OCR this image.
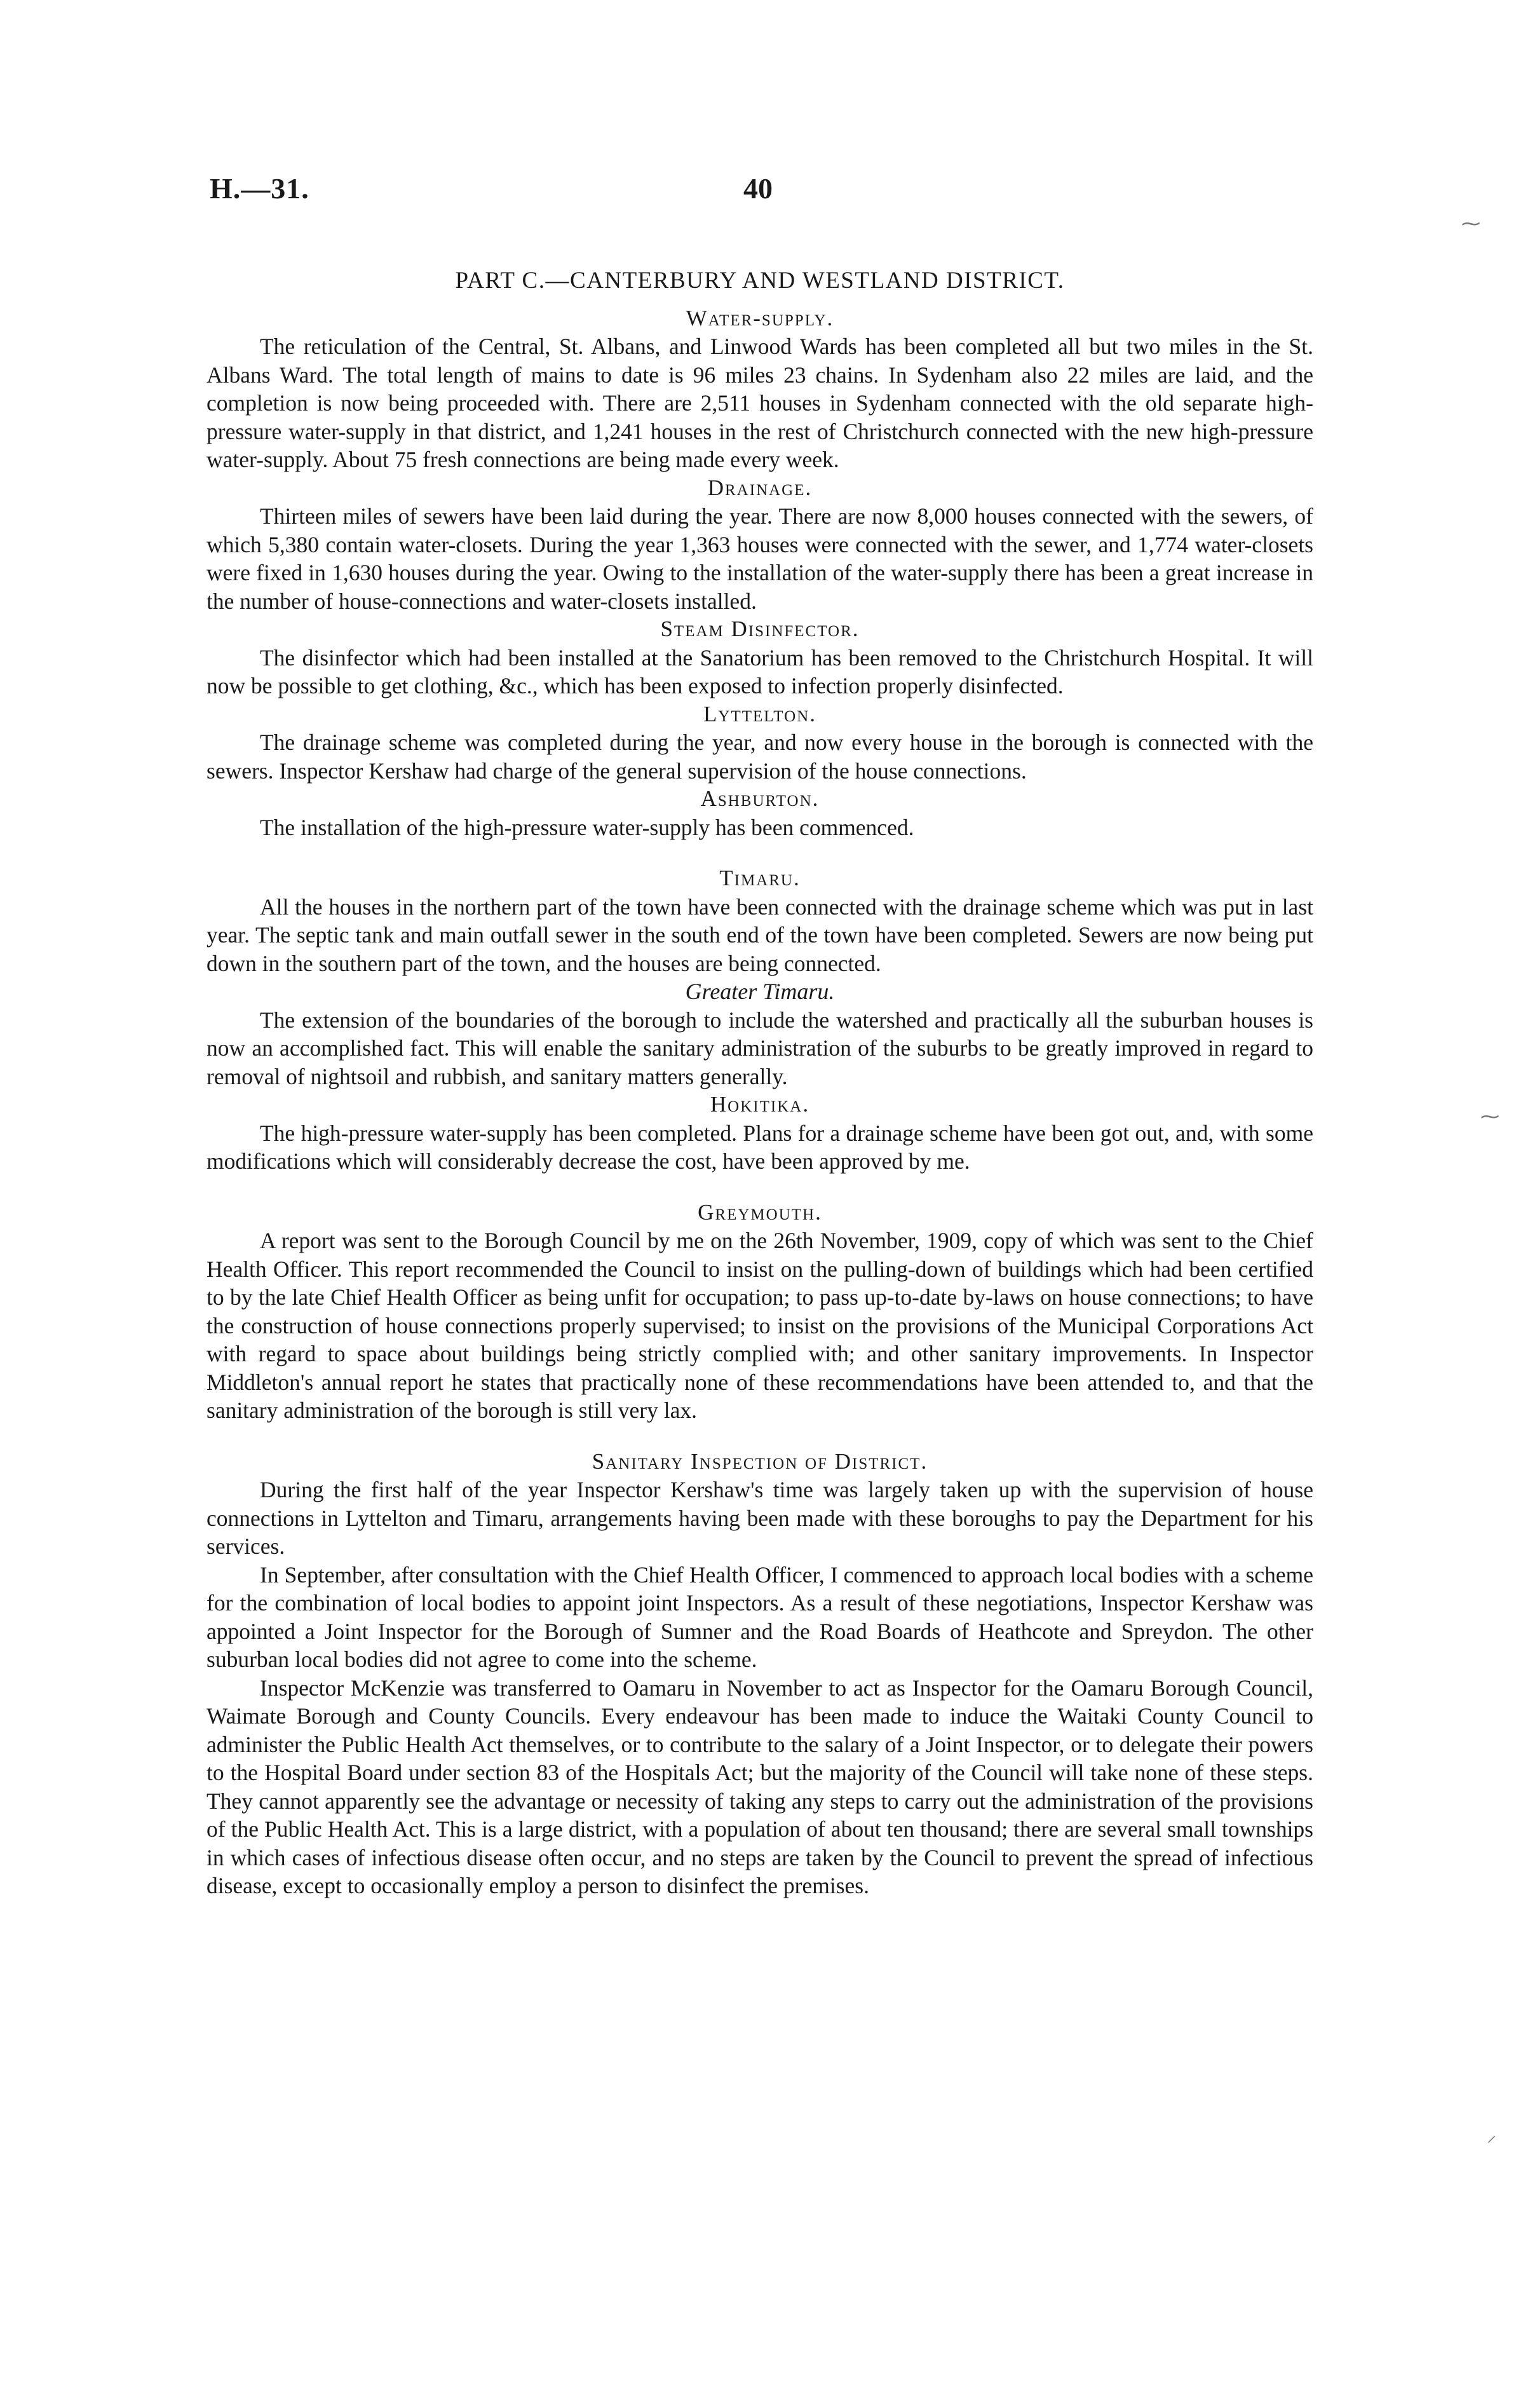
H.—31.	40
⁓
⁓
⸍
PART C.—CANTERBURY AND WESTLAND DISTRICT.
Water-supply.

The reticulation of the Central, St. Albans, and Linwood Wards has been completed all but two miles in the St. Albans Ward. The total length of mains to date is 96 miles 23 chains. In Sydenham also 22 miles are laid, and the completion is now being proceeded with. There are 2,511 houses in Sydenham connected with the old separate high-pressure water-supply in that district, and 1,241 houses in the rest of Christchurch connected with the new high-pressure water-supply. About 75 fresh connections are being made every week.

Drainage.

Thirteen miles of sewers have been laid during the year. There are now 8,000 houses connected with the sewers, of which 5,380 contain water-closets. During the year 1,363 houses were connected with the sewer, and 1,774 water-closets were fixed in 1,630 houses during the year. Owing to the installation of the water-supply there has been a great increase in the number of house-connections and water-closets installed.

Steam Disinfector.

The disinfector which had been installed at the Sanatorium has been removed to the Christchurch Hospital. It will now be possible to get clothing, &c., which has been exposed to infection properly disinfected.

Lyttelton.

The drainage scheme was completed during the year, and now every house in the borough is connected with the sewers. Inspector Kershaw had charge of the general supervision of the house connections.

Ashburton.

The installation of the high-pressure water-supply has been commenced.

Timaru.

All the houses in the northern part of the town have been connected with the drainage scheme which was put in last year. The septic tank and main outfall sewer in the south end of the town have been completed. Sewers are now being put down in the southern part of the town, and the houses are being connected.

Greater Timaru.

The extension of the boundaries of the borough to include the watershed and practically all the suburban houses is now an accomplished fact. This will enable the sanitary administration of the suburbs to be greatly improved in regard to removal of nightsoil and rubbish, and sanitary matters generally.

Hokitika.

The high-pressure water-supply has been completed. Plans for a drainage scheme have been got out, and, with some modifications which will considerably decrease the cost, have been approved by me.

Greymouth.

A report was sent to the Borough Council by me on the 26th November, 1909, copy of which was sent to the Chief Health Officer. This report recommended the Council to insist on the pulling-down of buildings which had been certified to by the late Chief Health Officer as being unfit for occupation; to pass up-to-date by-laws on house connections; to have the construction of house connections properly supervised; to insist on the provisions of the Municipal Corporations Act with regard to space about buildings being strictly complied with; and other sanitary improvements. In Inspector Middleton's annual report he states that practically none of these recommendations have been attended to, and that the sanitary administration of the borough is still very lax.

Sanitary Inspection of District.

During the first half of the year Inspector Kershaw's time was largely taken up with the supervision of house connections in Lyttelton and Timaru, arrangements having been made with these boroughs to pay the Department for his services.

In September, after consultation with the Chief Health Officer, I commenced to approach local bodies with a scheme for the combination of local bodies to appoint joint Inspectors. As a result of these negotiations, Inspector Kershaw was appointed a Joint Inspector for the Borough of Sumner and the Road Boards of Heathcote and Spreydon. The other suburban local bodies did not agree to come into the scheme.

Inspector McKenzie was transferred to Oamaru in November to act as Inspector for the Oamaru Borough Council, Waimate Borough and County Councils. Every endeavour has been made to induce the Waitaki County Council to administer the Public Health Act themselves, or to contribute to the salary of a Joint Inspector, or to delegate their powers to the Hospital Board under section 83 of the Hospitals Act; but the majority of the Council will take none of these steps. They cannot apparently see the advantage or necessity of taking any steps to carry out the administration of the provisions of the Public Health Act. This is a large district, with a population of about ten thousand; there are several small townships in which cases of infectious disease often occur, and no steps are taken by the Council to prevent the spread of infectious disease, except to occasionally employ a person to disinfect the premises.
